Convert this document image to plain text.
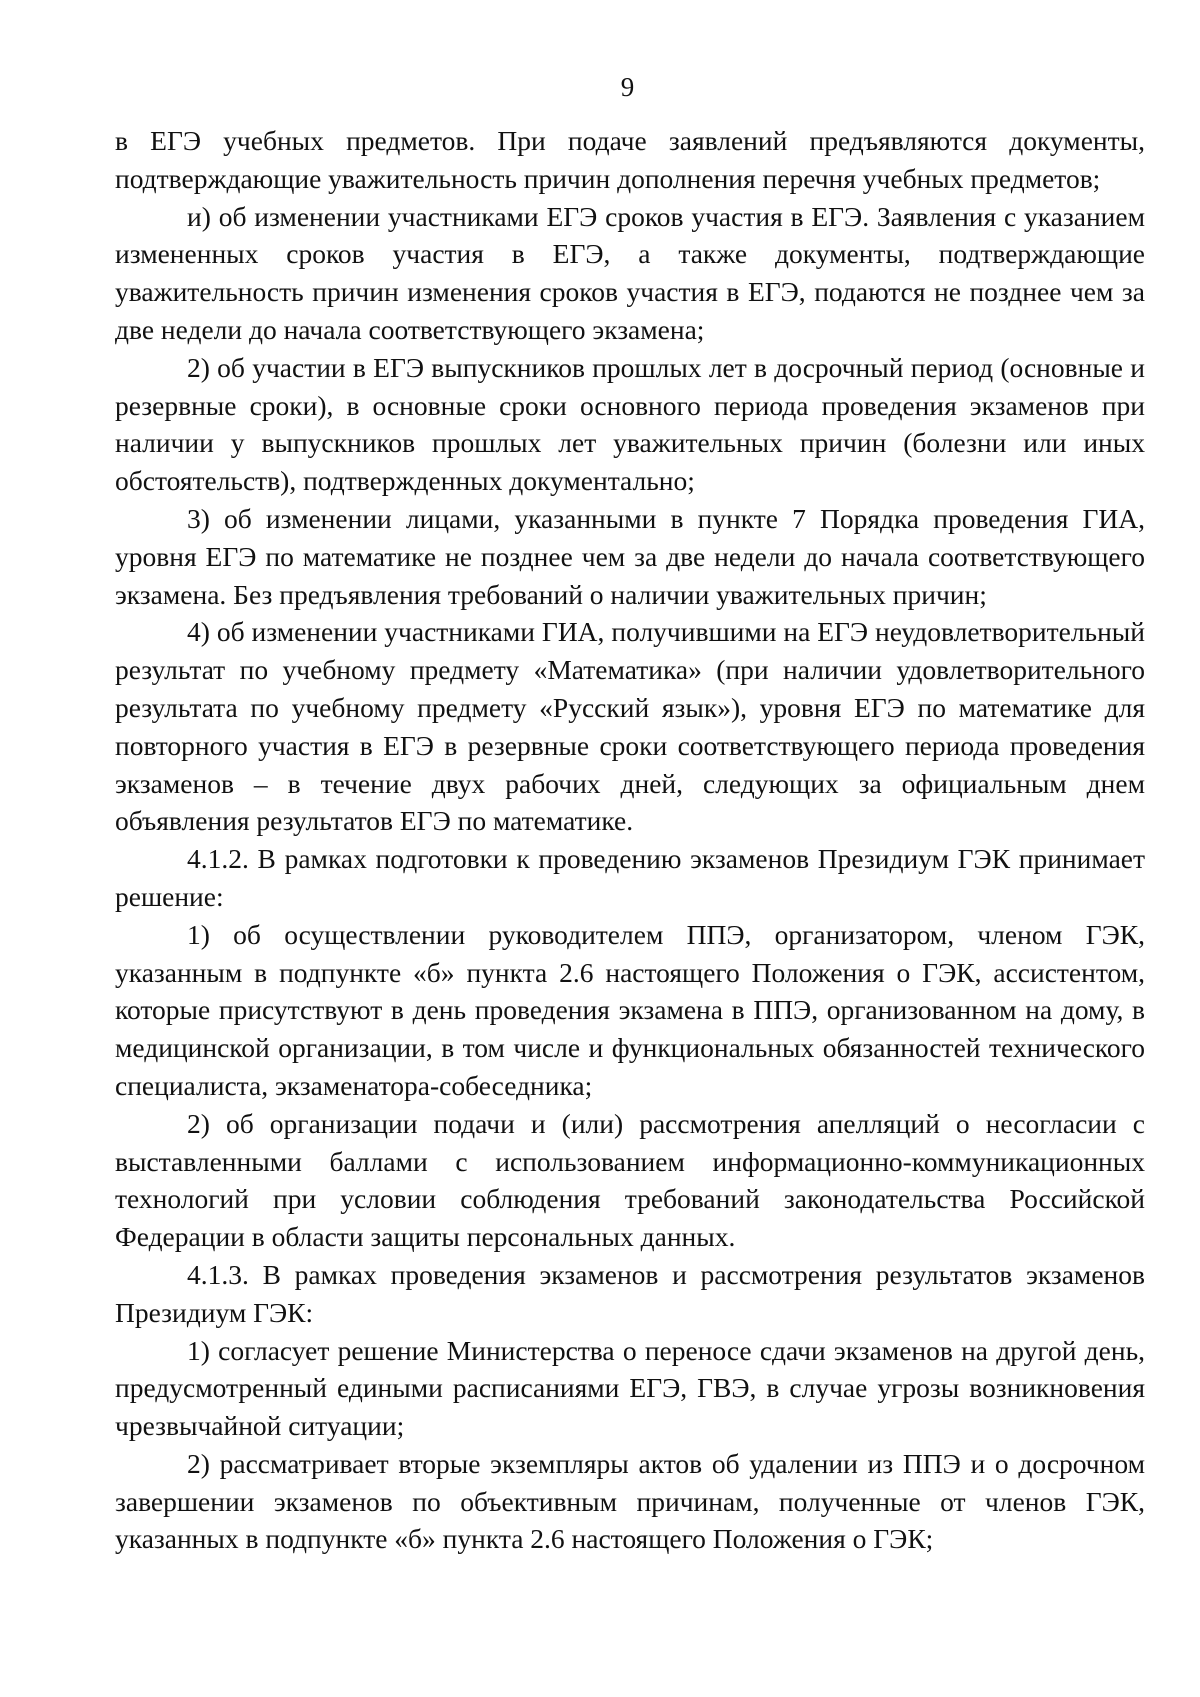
9

в ЕГЭ учебных предметов. При подаче заявлений предъявляются документы, подтверждающие уважительность причин дополнения перечня учебных предметов;

и) об изменении участниками ЕГЭ сроков участия в ЕГЭ. Заявления с указанием измененных сроков участия в ЕГЭ, а также документы, подтверждающие уважительность причин изменения сроков участия в ЕГЭ, подаются не позднее чем за две недели до начала соответствующего экзамена;

2) об участии в ЕГЭ выпускников прошлых лет в досрочный период (основные и резервные сроки), в основные сроки основного периода проведения экзаменов при наличии у выпускников прошлых лет уважительных причин (болезни или иных обстоятельств), подтвержденных документально;

3) об изменении лицами, указанными в пункте 7 Порядка проведения ГИА, уровня ЕГЭ по математике не позднее чем за две недели до начала соответствующего экзамена. Без предъявления требований о наличии уважительных причин;

4) об изменении участниками ГИА, получившими на ЕГЭ неудовлетворительный результат по учебному предмету «Математика» (при наличии удовлетворительного результата по учебному предмету «Русский язык»), уровня ЕГЭ по математике для повторного участия в ЕГЭ в резервные сроки соответствующего периода проведения экзаменов – в течение двух рабочих дней, следующих за официальным днем объявления результатов ЕГЭ по математике.

4.1.2. В рамках подготовки к проведению экзаменов Президиум ГЭК принимает решение:

1) об осуществлении руководителем ППЭ, организатором, членом ГЭК, указанным в подпункте «б» пункта 2.6 настоящего Положения о ГЭК, ассистентом, которые присутствуют в день проведения экзамена в ППЭ, организованном на дому, в медицинской организации, в том числе и функциональных обязанностей технического специалиста, экзаменатора-собеседника;

2) об организации подачи и (или) рассмотрения апелляций о несогласии с выставленными баллами с использованием информационно-коммуникационных технологий при условии соблюдения требований законодательства Российской Федерации в области защиты персональных данных.

4.1.3. В рамках проведения экзаменов и рассмотрения результатов экзаменов Президиум ГЭК:

1) согласует решение Министерства о переносе сдачи экзаменов на другой день, предусмотренный едиными расписаниями ЕГЭ, ГВЭ, в случае угрозы возникновения чрезвычайной ситуации;

2) рассматривает вторые экземпляры актов об удалении из ППЭ и о досрочном завершении экзаменов по объективным причинам, полученные от членов ГЭК, указанных в подпункте «б» пункта 2.6 настоящего Положения о ГЭК;
